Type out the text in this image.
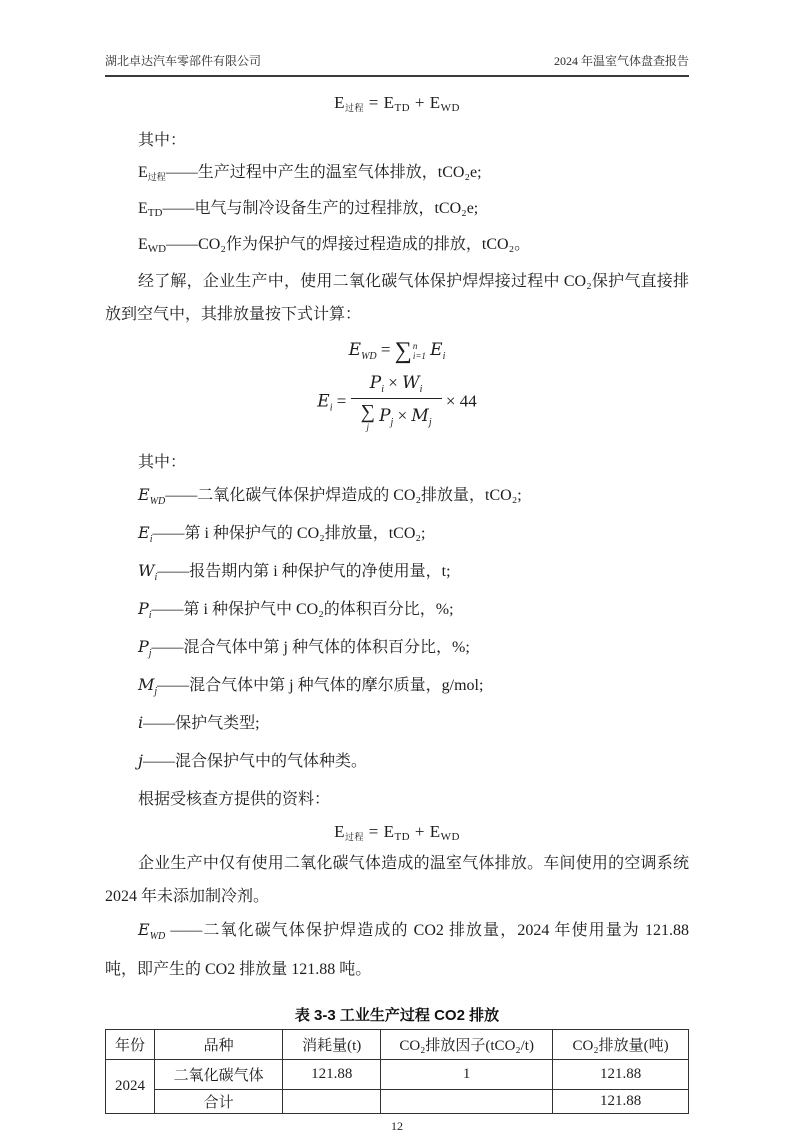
湖北卓达汽车零部件有限公司	2024 年温室气体盘查报告
E过程 = ETD + EWD

其中：

E过程——生产过程中产生的温室气体排放，tCO₂e;

ETD——电气与制冷设备生产的过程排放，tCO₂e;

EWD——CO₂作为保护气的焊接过程造成的排放，tCO₂。

经了解，企业生产中，使用二氧化碳气体保护焊焊接过程中 CO₂保护气直接排放到空气中，其排放量按下式计算：

$E_{WD}$ = ∑ n
i=1 $E_i$
$E_i = P_i \times W_i$
∑
j
$P_j \times M_j \times 44$

其中：

$E_{WD}——$二氧化碳气体保护焊造成的 CO₂排放量，tCO₂;

$E_i——$第 i 种保护气的 CO₂排放量，tCO₂;

$W_i——$报告期内第 i 种保护气的净使用量，t;

$P_i——$第 i 种保护气中 CO₂的体积百分比，%;

$P_j——$混合气体中第 j 种气体的体积百分比，%;

$M_j——$混合气体中第 j 种气体的摩尔质量，g/mol;

i——保护气类型;

j——混合保护气中的气体种类。

根据受核查方提供的资料：

E过程 = ETD + EWD

企业生产中仅有使用二氧化碳气体造成的温室气体排放。车间使用的空调系统 2024 年未添加制冷剂。

$E_{WD}$ ——二氧化碳气体保护焊造成的 CO2 排放量，2024 年使用量为 121.88 吨，即产生的 CO2 排放量 121.88 吨。

表 3-3 工业生产过程 CO2 排放
年份	品种	消耗量(t)	CO₂排放因子(tCO₂/t)	CO₂排放量(吨)
2024	二氧化碳气体	121.88	1	121.88
	合计			121.88
12
